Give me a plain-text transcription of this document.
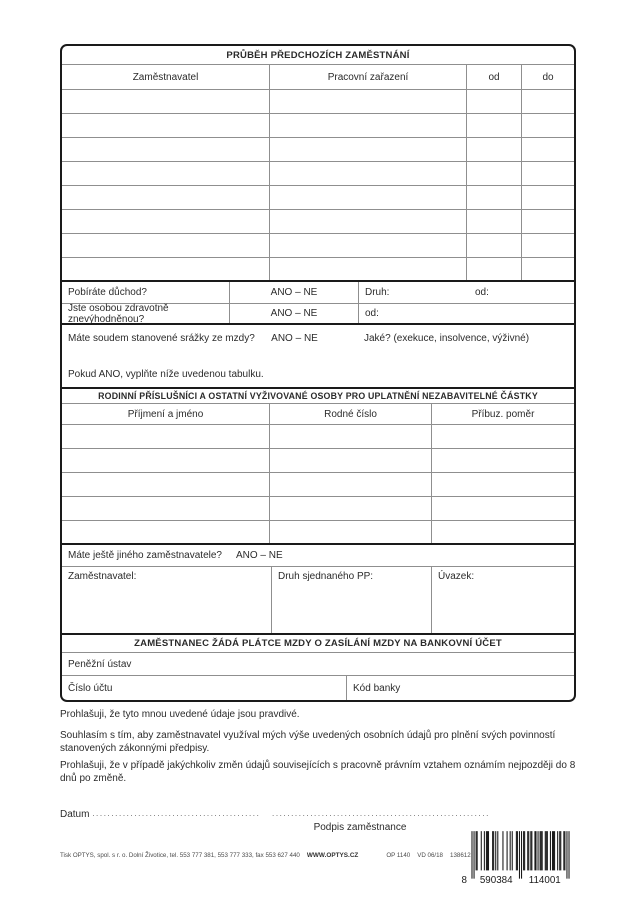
PRŮBĚH PŘEDCHOZÍCH ZAMĚSTNÁNÍ
Zaměstnavatel	Pracovní zařazení	od	do
Pobíráte důchod?	ANO – NE	Druh:	od:
Jste osobou zdravotně znevýhodněnou?	ANO – NE	od:
Máte soudem stanovené srážky ze mzdy?	ANO – NE	Jaké? (exekuce, insolvence, výživné)
Pokud ANO, vyplňte níže uvedenou tabulku.
RODINNÍ PŘÍSLUŠNÍCI A OSTATNÍ VYŽIVOVANÉ OSOBY PRO UPLATNĚNÍ NEZABAVITELNÉ ČÁSTKY
Příjmení a jméno	Rodné číslo	Příbuz. poměr
Máte ještě jiného zaměstnavatele? ANO – NE
Zaměstnavatel:	Druh sjednaného PP:	Úvazek:
ZAMĚSTNANEC ŽÁDÁ PLÁTCE MZDY O ZASÍLÁNÍ MZDY NA BANKOVNÍ ÚČET
Peněžní ústav
Číslo účtu	Kód banky
Prohlašuji, že tyto mnou uvedené údaje jsou pravdivé.
Souhlasím s tím, aby zaměstnavatel využíval mých výše uvedených osobních údajů pro plnění svých povinností stanovených zákonnými předpisy.
Prohlašuji, že v případě jakýchkoliv změn údajů souvisejících s pracovně právním vztahem oznámím nejpozději do 8 dnů po změně.
Datum ............................................ .........................................................
Podpis zaměstnance
Tisk OPTYS, spol. s r. o. Dolní Životice, tel. 553 777 381, 553 777 333, fax 553 627 440 WWW.OPTYS.CZ	OP 1140 VD 06/18 138612
8 590384 114001
